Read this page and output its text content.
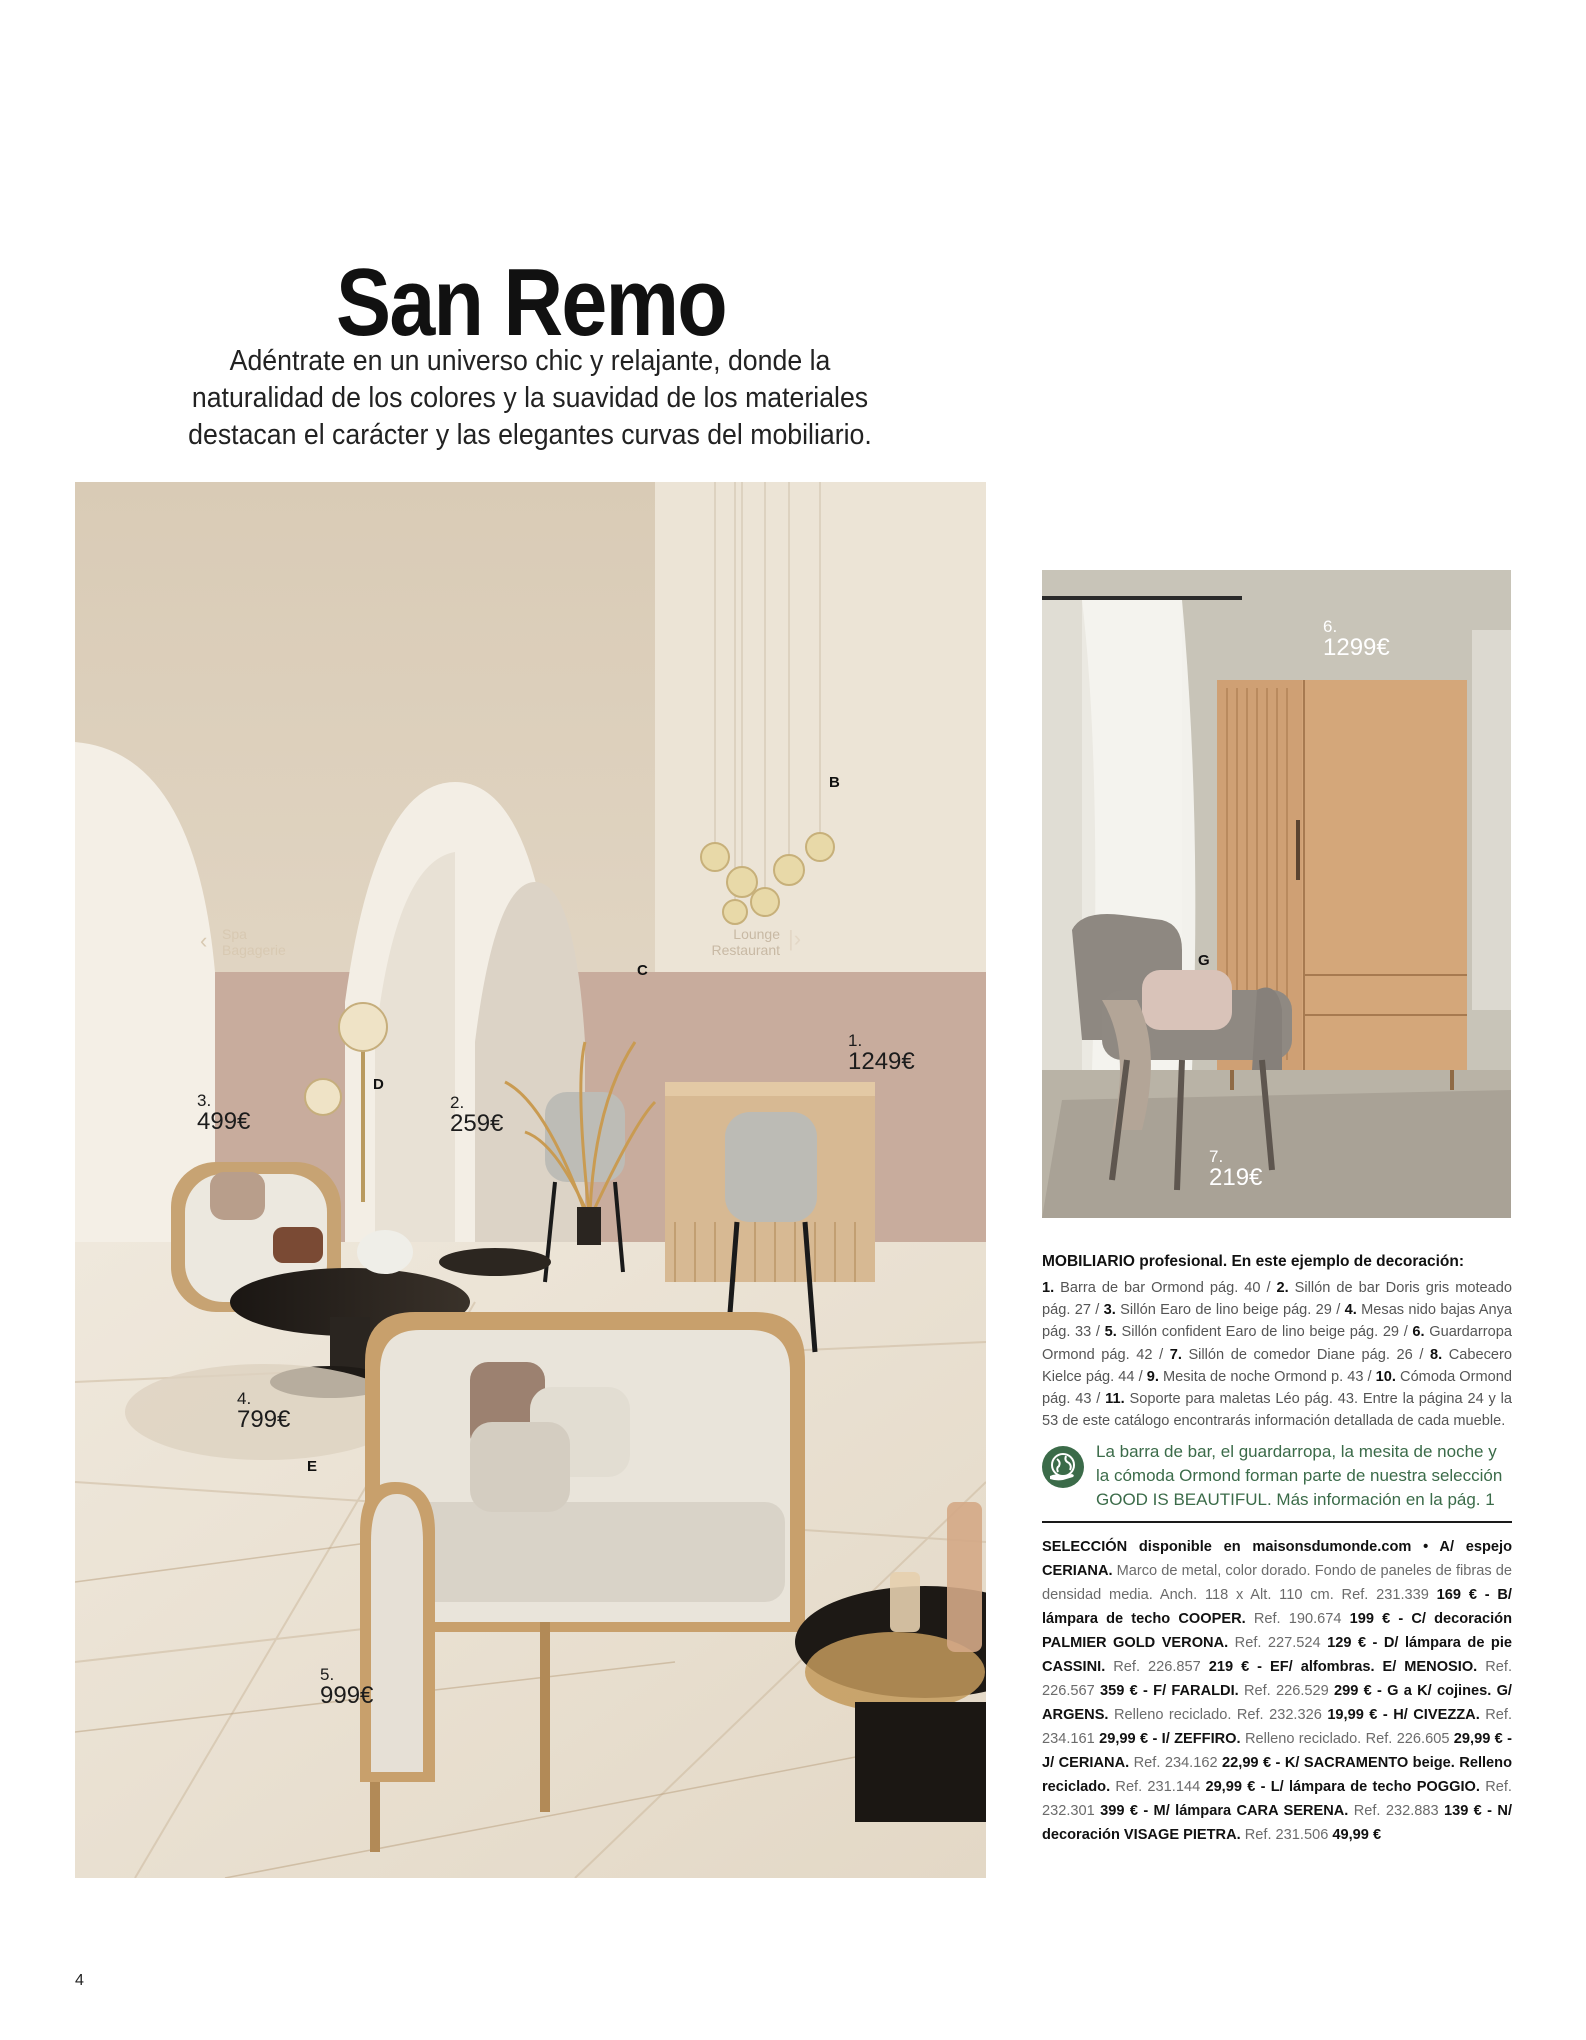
San Remo
Adéntrate en un universo chic y relajante, donde la naturalidad de los colores y la suavidad de los materiales destacan el carácter y las elegantes curvas del mobiliario.
‹	|›
Spa
Bagagerie
Lounge
Restaurant
B
C
D
E
1.
1249€
2.
259€
3.
499€
4.
799€
5.
999€
G
6.
1299€
7.
219€
MOBILIARIO profesional. En este ejemplo de decoración:
1. Barra de bar Ormond pág. 40 / 2. Sillón de bar Doris gris moteado pág. 27 / 3. Sillón Earo de lino beige pág. 29 / 4. Mesas nido bajas Anya pág. 33 / 5. Sillón confident Earo de lino beige pág. 29 / 6. Guardarropa Ormond pág. 42 / 7. Sillón de comedor Diane pág. 26 / 8. Cabecero Kielce pág. 44 / 9. Mesita de noche Ormond p. 43 / 10. Cómoda Ormond pág. 43 / 11. Soporte para maletas Léo pág. 43. Entre la página 24 y la 53 de este catálogo encontrarás información detallada de cada mueble.
La barra de bar, el guardarropa, la mesita de noche y la cómoda Ormond forman parte de nuestra selección GOOD IS BEAUTIFUL. Más información en la pág. 1
SELECCIÓN disponible en maisonsdumonde.com • A/ espejo CERIANA. Marco de metal, color dorado. Fondo de paneles de fibras de densidad media. Anch. 118 x Alt. 110 cm. Ref. 231.339 169 € - B/ lámpara de techo COOPER. Ref. 190.674 199 € - C/ decoración PALMIER GOLD VERONA. Ref. 227.524 129 € - D/ lámpara de pie CASSINI. Ref. 226.857 219 € - EF/ alfombras. E/ MENOSIO. Ref. 226.567 359 € - F/ FARALDI. Ref. 226.529 299 € - G a K/ cojines. G/ ARGENS. Relleno reciclado. Ref. 232.326 19,99 € - H/ CIVEZZA. Ref. 234.161 29,99 € - I/ ZEFFIRO. Relleno reciclado. Ref. 226.605 29,99 € - J/ CERIANA. Ref. 234.162 22,99 € - K/ SACRAMENTO beige. Relleno reciclado. Ref. 231.144 29,99 € - L/ lámpara de techo POGGIO. Ref. 232.301 399 € - M/ lámpara CARA SERENA. Ref. 232.883 139 € - N/ decoración VISAGE PIETRA. Ref. 231.506 49,99 €
4
